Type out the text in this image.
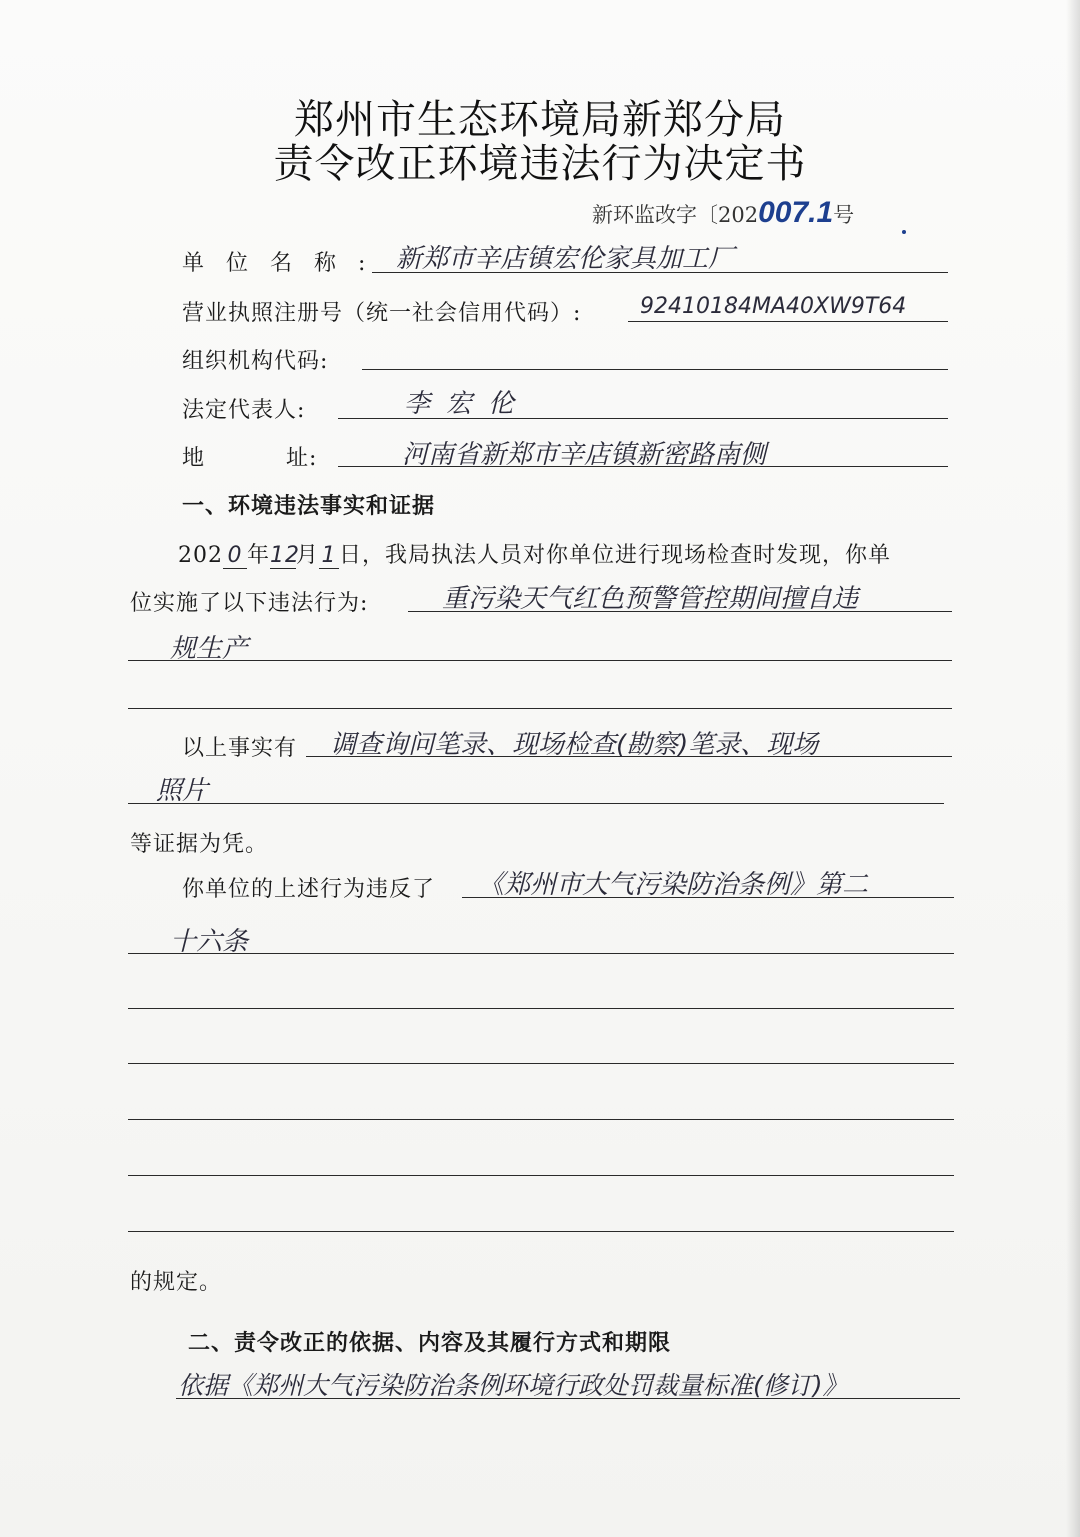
郑州市生态环境局新郑分局
责令改正环境违法行为决定书
新环监改字〔202007.1号
单位名称: 新郑市辛店镇宏伦家具加工厂
营业执照注册号（统一社会信用代码）:	92410184MA40XW9T64
组织机构代码:
法定代表人:	李宏伦
地	址:	河南省新郑市辛店镇新密路南侧
一、环境违法事实和证据
202 0 年12月 1 日，我局执法人员对你单位进行现场检查时发现，你单
位实施了以下违法行为:	重污染天气红色预警管控期间擅自违
规生产
以上事实有 调查询问笔录、现场检查(勘察)笔录、现场
照片
等证据为凭。
你单位的上述行为违反了 《郑州市大气污染防治条例》第二
十六条
的规定。
二、责令改正的依据、内容及其履行方式和期限
依据《郑州大气污染防治条例环境行政处罚裁量标准(修订)》
